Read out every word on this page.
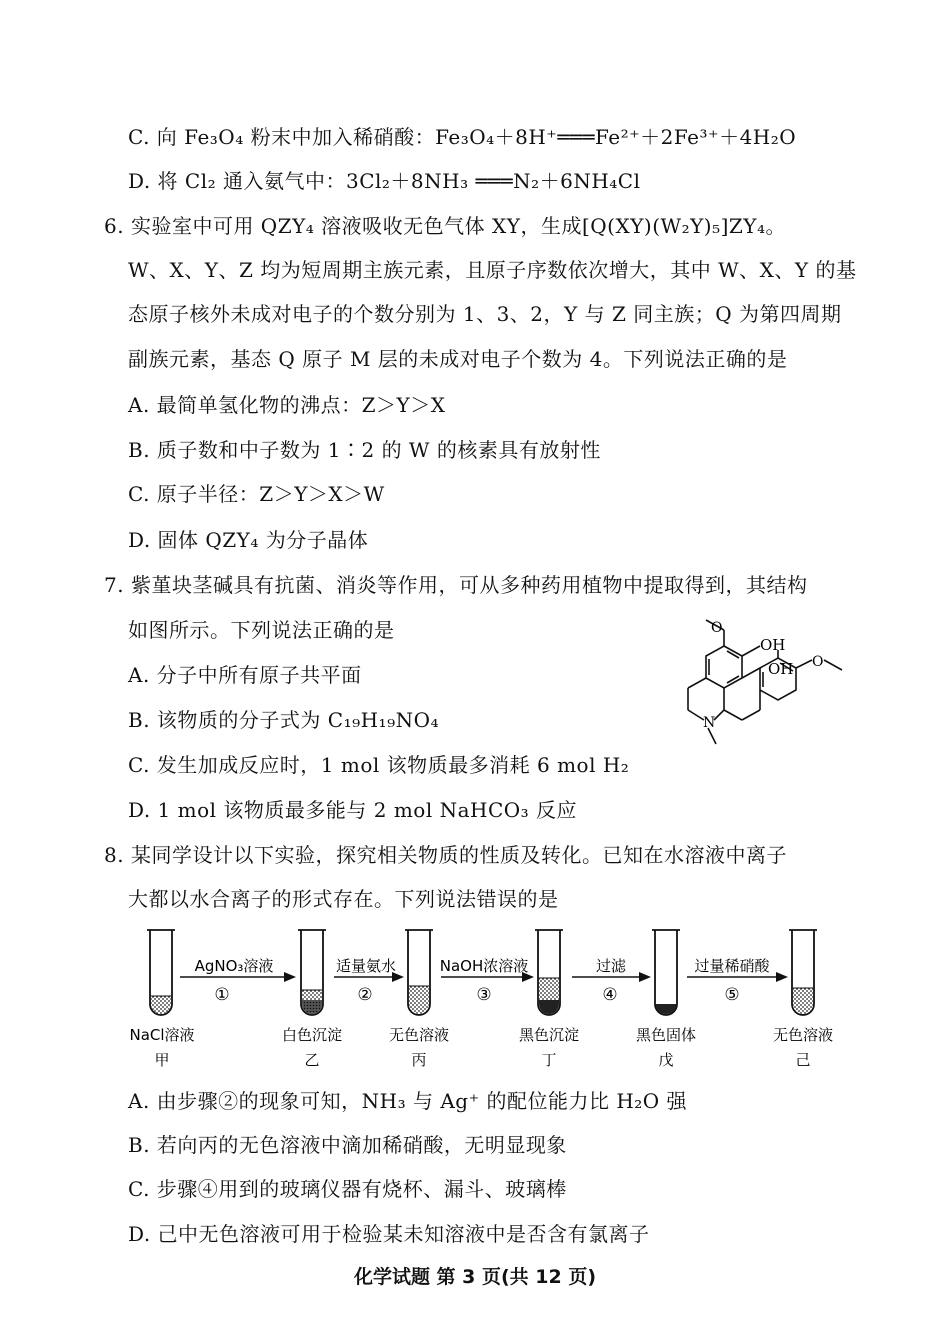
C. 向 Fe₃O₄ 粉末中加入稀硝酸：Fe₃O₄＋8H⁺═══Fe²⁺＋2Fe³⁺＋4H₂O
D. 将 Cl₂ 通入氨气中：3Cl₂＋8NH₃ ═══N₂＋6NH₄Cl
6. 实验室中可用 QZY₄ 溶液吸收无色气体 XY，生成[Q(XY)(W₂Y)₅]ZY₄。
W、X、Y、Z 均为短周期主族元素，且原子序数依次增大，其中 W、X、Y 的基
态原子核外未成对电子的个数分别为 1、3、2，Y 与 Z 同主族；Q 为第四周期
副族元素，基态 Q 原子 M 层的未成对电子个数为 4。下列说法正确的是
A. 最简单氢化物的沸点：Z＞Y＞X
B. 质子数和中子数为 1∶2 的 W 的核素具有放射性
C. 原子半径：Z＞Y＞X＞W
D. 固体 QZY₄ 为分子晶体
7. 紫堇块茎碱具有抗菌、消炎等作用，可从多种药用植物中提取得到，其结构
如图所示。下列说法正确的是
A. 分子中所有原子共平面
B. 该物质的分子式为 C₁₉H₁₉NO₄
C. 发生加成反应时，1 mol 该物质最多消耗 6 mol H₂
D. 1 mol 该物质最多能与 2 mol NaHCO₃ 反应
O
OH
OH O
N
8. 某同学设计以下实验，探究相关物质的性质及转化。已知在水溶液中离子
大都以水合离子的形式存在。下列说法错误的是
AgNO₃溶液
①
适量氨水
②
NaOH浓溶液
③
过滤
④
过量稀硝酸
⑤
NaCl溶液
甲
白色沉淀
乙
无色溶液
丙
黑色沉淀
丁
黑色固体
戊
无色溶液
己
A. 由步骤②的现象可知，NH₃ 与 Ag⁺ 的配位能力比 H₂O 强
B. 若向丙的无色溶液中滴加稀硝酸，无明显现象
C. 步骤④用到的玻璃仪器有烧杯、漏斗、玻璃棒
D. 己中无色溶液可用于检验某未知溶液中是否含有氯离子
化学试题 第 3 页(共 12 页)
